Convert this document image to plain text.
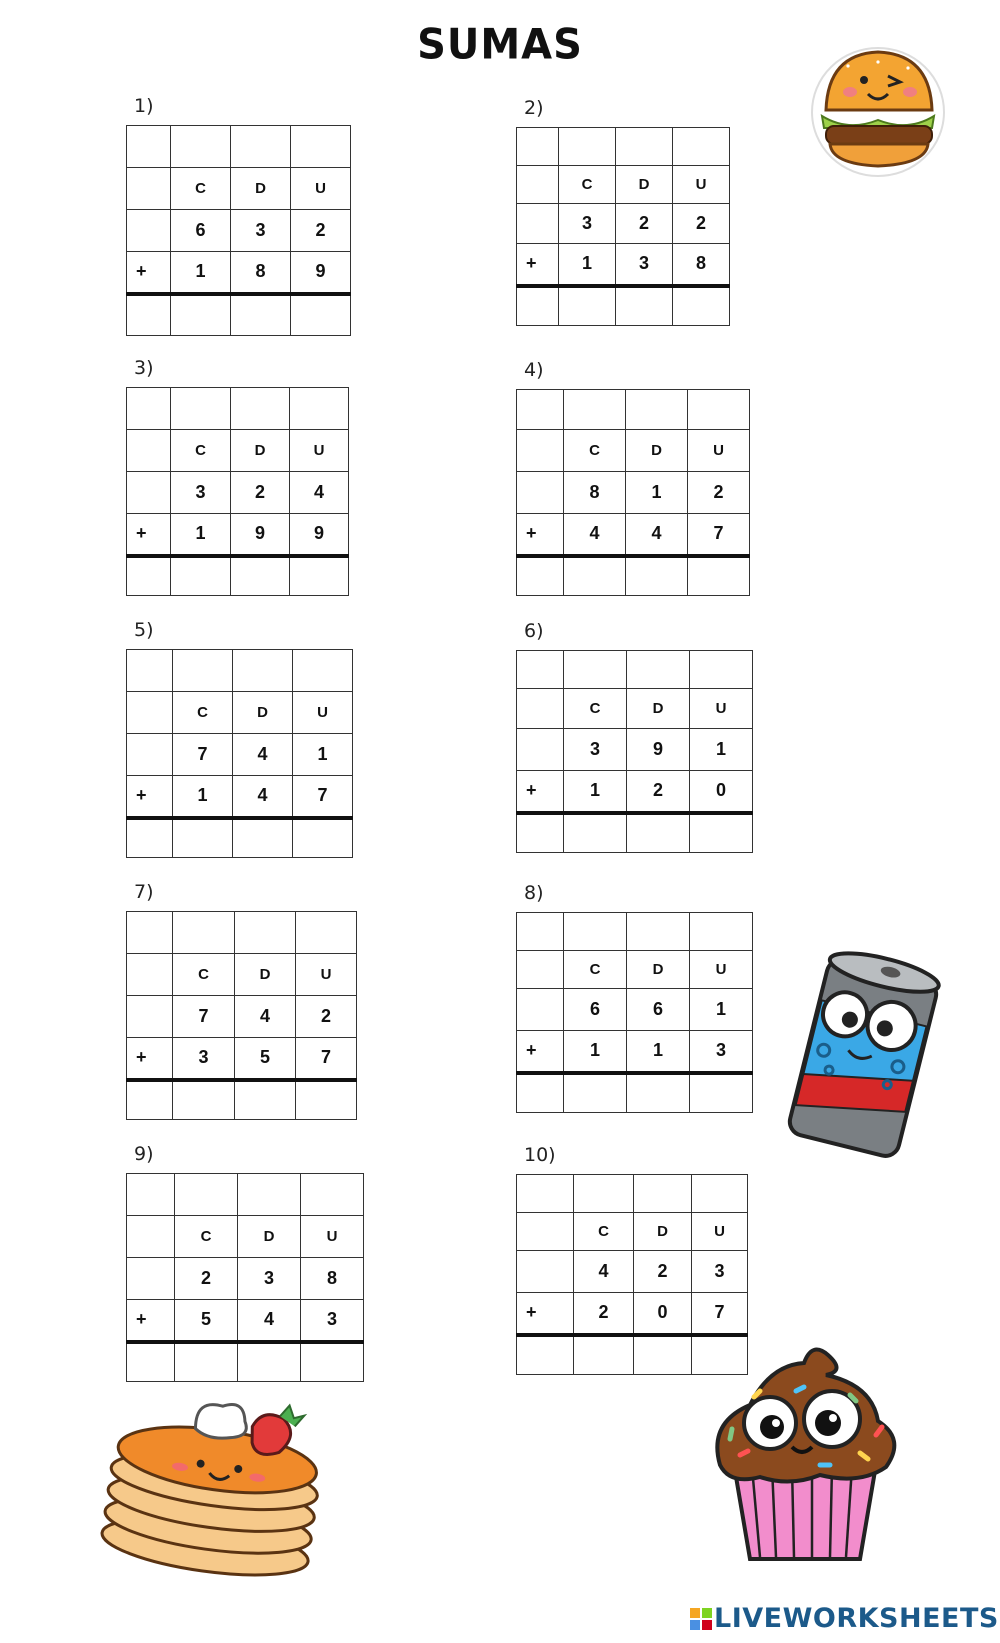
SUMAS
1)

	C	D	U
	6	3	2
+	1	8	9

2)

	C	D	U
	3	2	2
+	1	3	8

3)

	C	D	U
	3	2	4
+	1	9	9

4)

	C	D	U
	8	1	2
+	4	4	7

5)

	C	D	U
	7	4	1
+	1	4	7

6)

	C	D	U
	3	9	1
+	1	2	0

7)

	C	D	U
	7	4	2
+	3	5	7

8)

	C	D	U
	6	6	1
+	1	1	3

9)

	C	D	U
	2	3	8
+	5	4	3

10)

	C	D	U
	4	2	3
+	2	0	7

LIVEWORKSHEETS
